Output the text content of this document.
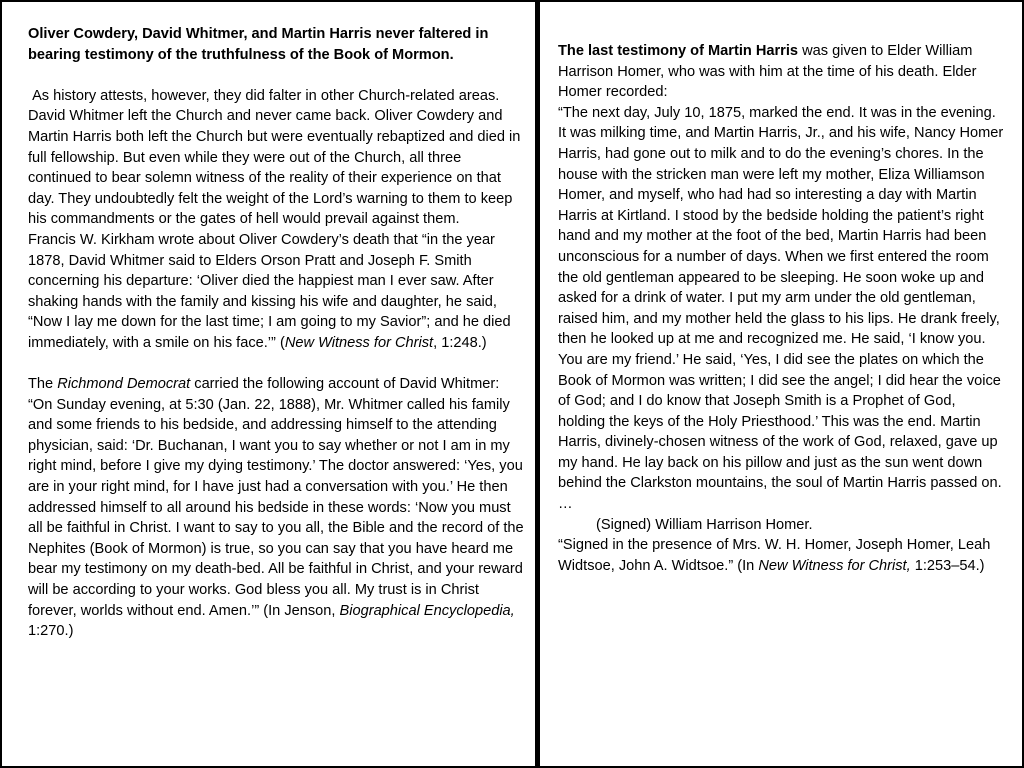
Oliver Cowdery, David Whitmer, and Martin Harris never faltered in bearing testimony of the truthfulness of the Book of Mormon.

As history attests, however, they did falter in other Church-related areas. David Whitmer left the Church and never came back. Oliver Cowdery and Martin Harris both left the Church but were eventually rebaptized and died in full fellowship. But even while they were out of the Church, all three continued to bear solemn witness of the reality of their experience on that day. They undoubtedly felt the weight of the Lord’s warning to them to keep his commandments or the gates of hell would prevail against them.

Francis W. Kirkham wrote about Oliver Cowdery’s death that “in the year 1878, David Whitmer said to Elders Orson Pratt and Joseph F. Smith concerning his departure: ‘Oliver died the happiest man I ever saw. After shaking hands with the family and kissing his wife and daughter, he said, “Now I lay me down for the last time; I am going to my Savior”; and he died immediately, with a smile on his face.’” (New Witness for Christ, 1:248.)

The Richmond Democrat carried the following account of David Whitmer: “On Sunday evening, at 5:30 (Jan. 22, 1888), Mr. Whitmer called his family and some friends to his bedside, and addressing himself to the attending physician, said: ‘Dr. Buchanan, I want you to say whether or not I am in my right mind, before I give my dying testimony.’ The doctor answered: ‘Yes, you are in your right mind, for I have just had a conversation with you.’ He then addressed himself to all around his bedside in these words: ‘Now you must all be faithful in Christ. I want to say to you all, the Bible and the record of the Nephites (Book of Mormon) is true, so you can say that you have heard me bear my testimony on my death-bed. All be faithful in Christ, and your reward will be according to your works. God bless you all. My trust is in Christ forever, worlds without end. Amen.’” (In Jenson, Biographical Encyclopedia, 1:270.)

The last testimony of Martin Harris was given to Elder William Harrison Homer, who was with him at the time of his death. Elder Homer recorded:

“The next day, July 10, 1875, marked the end. It was in the evening. It was milking time, and Martin Harris, Jr., and his wife, Nancy Homer Harris, had gone out to milk and to do the evening’s chores. In the house with the stricken man were left my mother, Eliza Williamson Homer, and myself, who had had so interesting a day with Martin Harris at Kirtland. I stood by the bedside holding the patient’s right hand and my mother at the foot of the bed, Martin Harris had been unconscious for a number of days. When we first entered the room the old gentleman appeared to be sleeping. He soon woke up and asked for a drink of water. I put my arm under the old gentleman, raised him, and my mother held the glass to his lips. He drank freely, then he looked up at me and recognized me. He said, ‘I know you. You are my friend.’ He said, ‘Yes, I did see the plates on which the Book of Mormon was written; I did see the angel; I did hear the voice of God; and I do know that Joseph Smith is a Prophet of God, holding the keys of the Holy Priesthood.’ This was the end. Martin Harris, divinely-chosen witness of the work of God, relaxed, gave up my hand. He lay back on his pillow and just as the sun went down behind the Clarkston mountains, the soul of Martin Harris passed on. …

(Signed) William Harrison Homer.

“Signed in the presence of Mrs. W. H. Homer, Joseph Homer, Leah Widtsoe, John A. Widtsoe.” (In New Witness for Christ, 1:253–54.)
